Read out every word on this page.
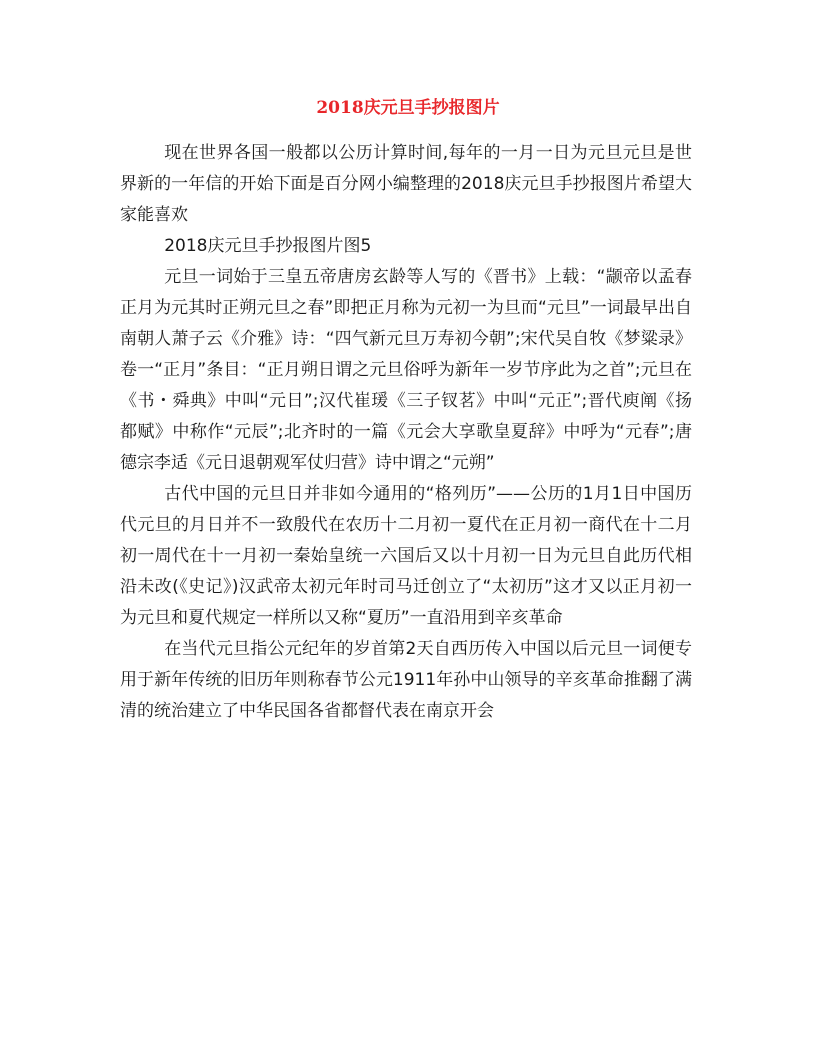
2018庆元旦手抄报图片

现在世界各国一般都以公历计算时间,每年的一月一日为元旦元旦是世界新的一年信的开始下面是百分网小编整理的2018庆元旦手抄报图片希望大家能喜欢

2018庆元旦手抄报图片图5

元旦一词始于三皇五帝唐房玄龄等人写的《晋书》上载：“颛帝以孟春正月为元其时正朔元旦之春”即把正月称为元初一为旦而“元旦”一词最早出自南朝人萧子云《介雅》诗：“四气新元旦万寿初今朝”;宋代吴自牧《梦粱录》卷一“正月”条目：“正月朔日谓之元旦俗呼为新年一岁节序此为之首”;元旦在《书・舜典》中叫“元日”;汉代崔瑗《三子钗茗》中叫“元正”;晋代庾阐《扬都赋》中称作“元辰”;北齐时的一篇《元会大享歌皇夏辞》中呼为“元春”;唐德宗李适《元日退朝观军仗归营》诗中谓之“元朔”

古代中国的元旦日并非如今通用的“格列历”——公历的1月1日中国历代元旦的月日并不一致殷代在农历十二月初一夏代在正月初一商代在十二月初一周代在十一月初一秦始皇统一六国后又以十月初一日为元旦自此历代相沿未改(《史记》)汉武帝太初元年时司马迁创立了“太初历”这才又以正月初一为元旦和夏代规定一样所以又称“夏历”一直沿用到辛亥革命

在当代元旦指公元纪年的岁首第2天自西历传入中国以后元旦一词便专用于新年传统的旧历年则称春节公元1911年孙中山领导的辛亥革命推翻了满清的统治建立了中华民国各省都督代表在南京开会
